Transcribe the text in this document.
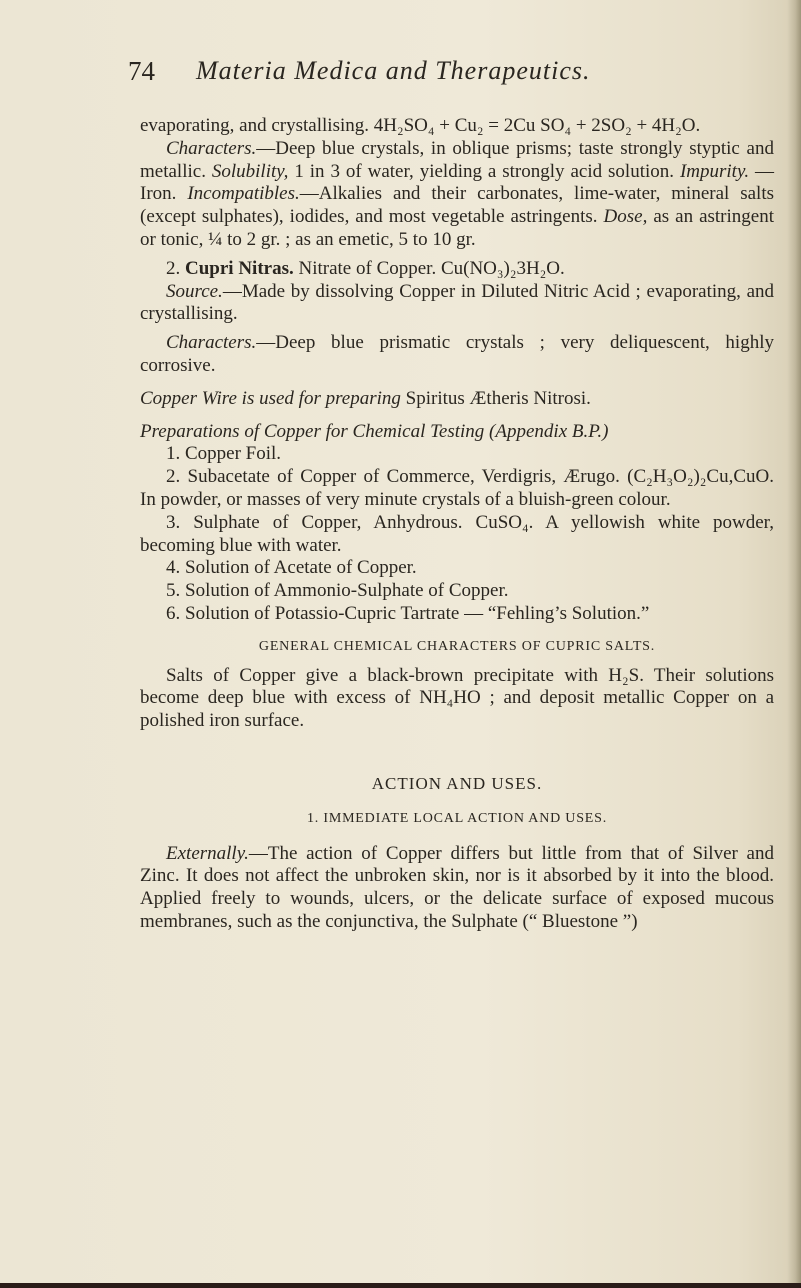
74 Materia Medica and Therapeutics.

evaporating, and crystallising. 4H₂SO₄ + Cu₂ = 2Cu SO₄ + 2SO₂ + 4H₂O.

Characters.—Deep blue crystals, in oblique prisms; taste strongly styptic and metallic. Solubility, 1 in 3 of water, yielding a strongly acid solution. Impurity. —Iron. Incompatibles.—Alkalies and their carbonates, lime-water, mineral salts (except sulphates), iodides, and most vegetable astringents. Dose, as an astringent or tonic, ¼ to 2 gr. ; as an emetic, 5 to 10 gr.

2. Cupri Nitras. Nitrate of Copper. Cu(NO₃)₂3H₂O.

Source.—Made by dissolving Copper in Diluted Nitric Acid ; evaporating, and crystallising.

Characters.—Deep blue prismatic crystals ; very deliquescent, highly corrosive.

Copper Wire is used for preparing Spiritus Ætheris Nitrosi.

Preparations of Copper for Chemical Testing (Appendix B.P.)

1. Copper Foil.

2. Subacetate of Copper of Commerce, Verdigris, Ærugo. (C₂H₃O₂)₂Cu,CuO. In powder, or masses of very minute crystals of a bluish-green colour.

3. Sulphate of Copper, Anhydrous. CuSO₄. A yellowish white powder, becoming blue with water.

4. Solution of Acetate of Copper.

5. Solution of Ammonio-Sulphate of Copper.

6. Solution of Potassio-Cupric Tartrate — “Fehling’s Solution.”

GENERAL CHEMICAL CHARACTERS OF CUPRIC SALTS.

Salts of Copper give a black-brown precipitate with H₂S. Their solutions become deep blue with excess of NH₄HO ; and deposit metallic Copper on a polished iron surface.

ACTION AND USES.

1. IMMEDIATE LOCAL ACTION AND USES.

Externally.—The action of Copper differs but little from that of Silver and Zinc. It does not affect the unbroken skin, nor is it absorbed by it into the blood. Applied freely to wounds, ulcers, or the delicate surface of exposed mucous membranes, such as the conjunctiva, the Sulphate (“ Bluestone ”)
